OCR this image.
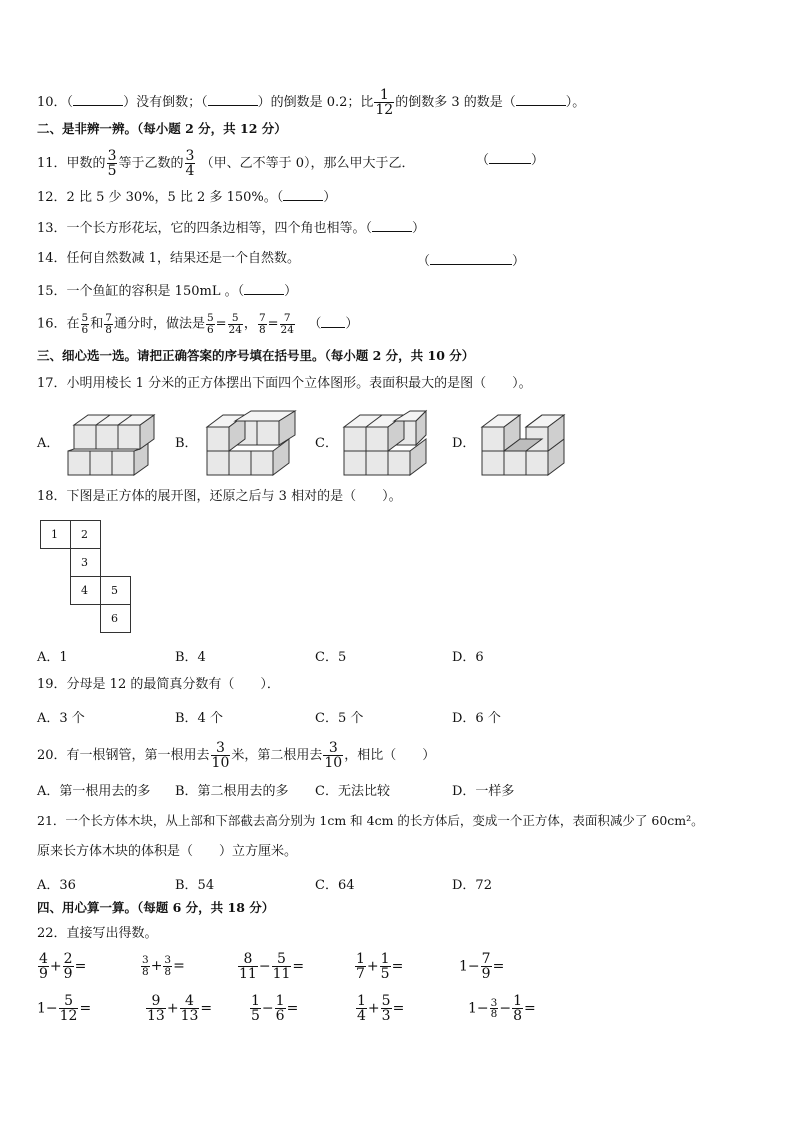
10．（	）没有倒数；（	）的倒数是 0.2；比 $\frac{1}{12}$ 的倒数多 3 的数是（	）。
二、是非辨一辨。（每小题 2 分，共 12 分）
11．甲数的 $\frac{3}{5}$ 等于乙数的 $\frac{3}{4}$ （甲、乙不等于 0），那么甲大于乙．	（	）
12．2 比 5 少 30%，5 比 2 多 150%。（	）
13．一个长方形花坛，它的四条边相等，四个角也相等。（	）
14．任何自然数减 1，结果还是一个自然数。	（	）
15．一个鱼缸的容积是 150mL 。（	）
16．在 $\frac{5}{6}$ 和 $\frac{7}{8}$ 通分时，做法是 $\frac{5}{6} = \frac{5}{24}$ ， $\frac{7}{8} = \frac{7}{24}$ （ ）
三、细心选一选。请把正确答案的序号填在括号里。（每小题 2 分，共 10 分）
17．小明用棱长 1 分米的正方体摆出下面四个立体图形。表面积最大的是图（　　）。
A．	B．	C．	D．
18．下图是正方体的展开图，还原之后与 3 相对的是（　　）。
1	2	
	3	
	4	5
		6
A．1	B．4	C．5	D．6
19．分母是 12 的最简真分数有（　　）．
A．3 个	B．4 个	C．5 个	D．6 个
20．有一根钢管，第一根用去 $\frac{3}{10}$ 米，第二根用去 $\frac{3}{10}$ ，相比（　　）
A．第一根用去的多 B．第二根用去的多 C．无法比较	D．一样多
21．一个长方体木块，从上部和下部截去高分别为 1cm 和 4cm 的长方体后，变成一个正方体，表面积减少了 60cm²。
原来长方体木块的体积是（　　）立方厘米。
A．36	B．54	C．64	D．72
四、用心算一算。（每题 6 分，共 18 分）
22．直接写出得数。
$\frac{4}{9} + \frac{2}{9}$ =	$\frac{3}{8} + \frac{3}{8}$ =	$\frac{8}{11} - \frac{5}{11}$ =	$\frac{1}{7} + \frac{1}{5}$ =	$1- \frac{7}{9}$ =
$1- \frac{5}{12}$ =	$\frac{9}{13} + \frac{4}{13}$ =	$\frac{1}{5} - \frac{1}{6}$ =	$\frac{1}{4} + \frac{5}{3}$ =	$1- \frac{3}{8} - \frac{1}{8}$ =
